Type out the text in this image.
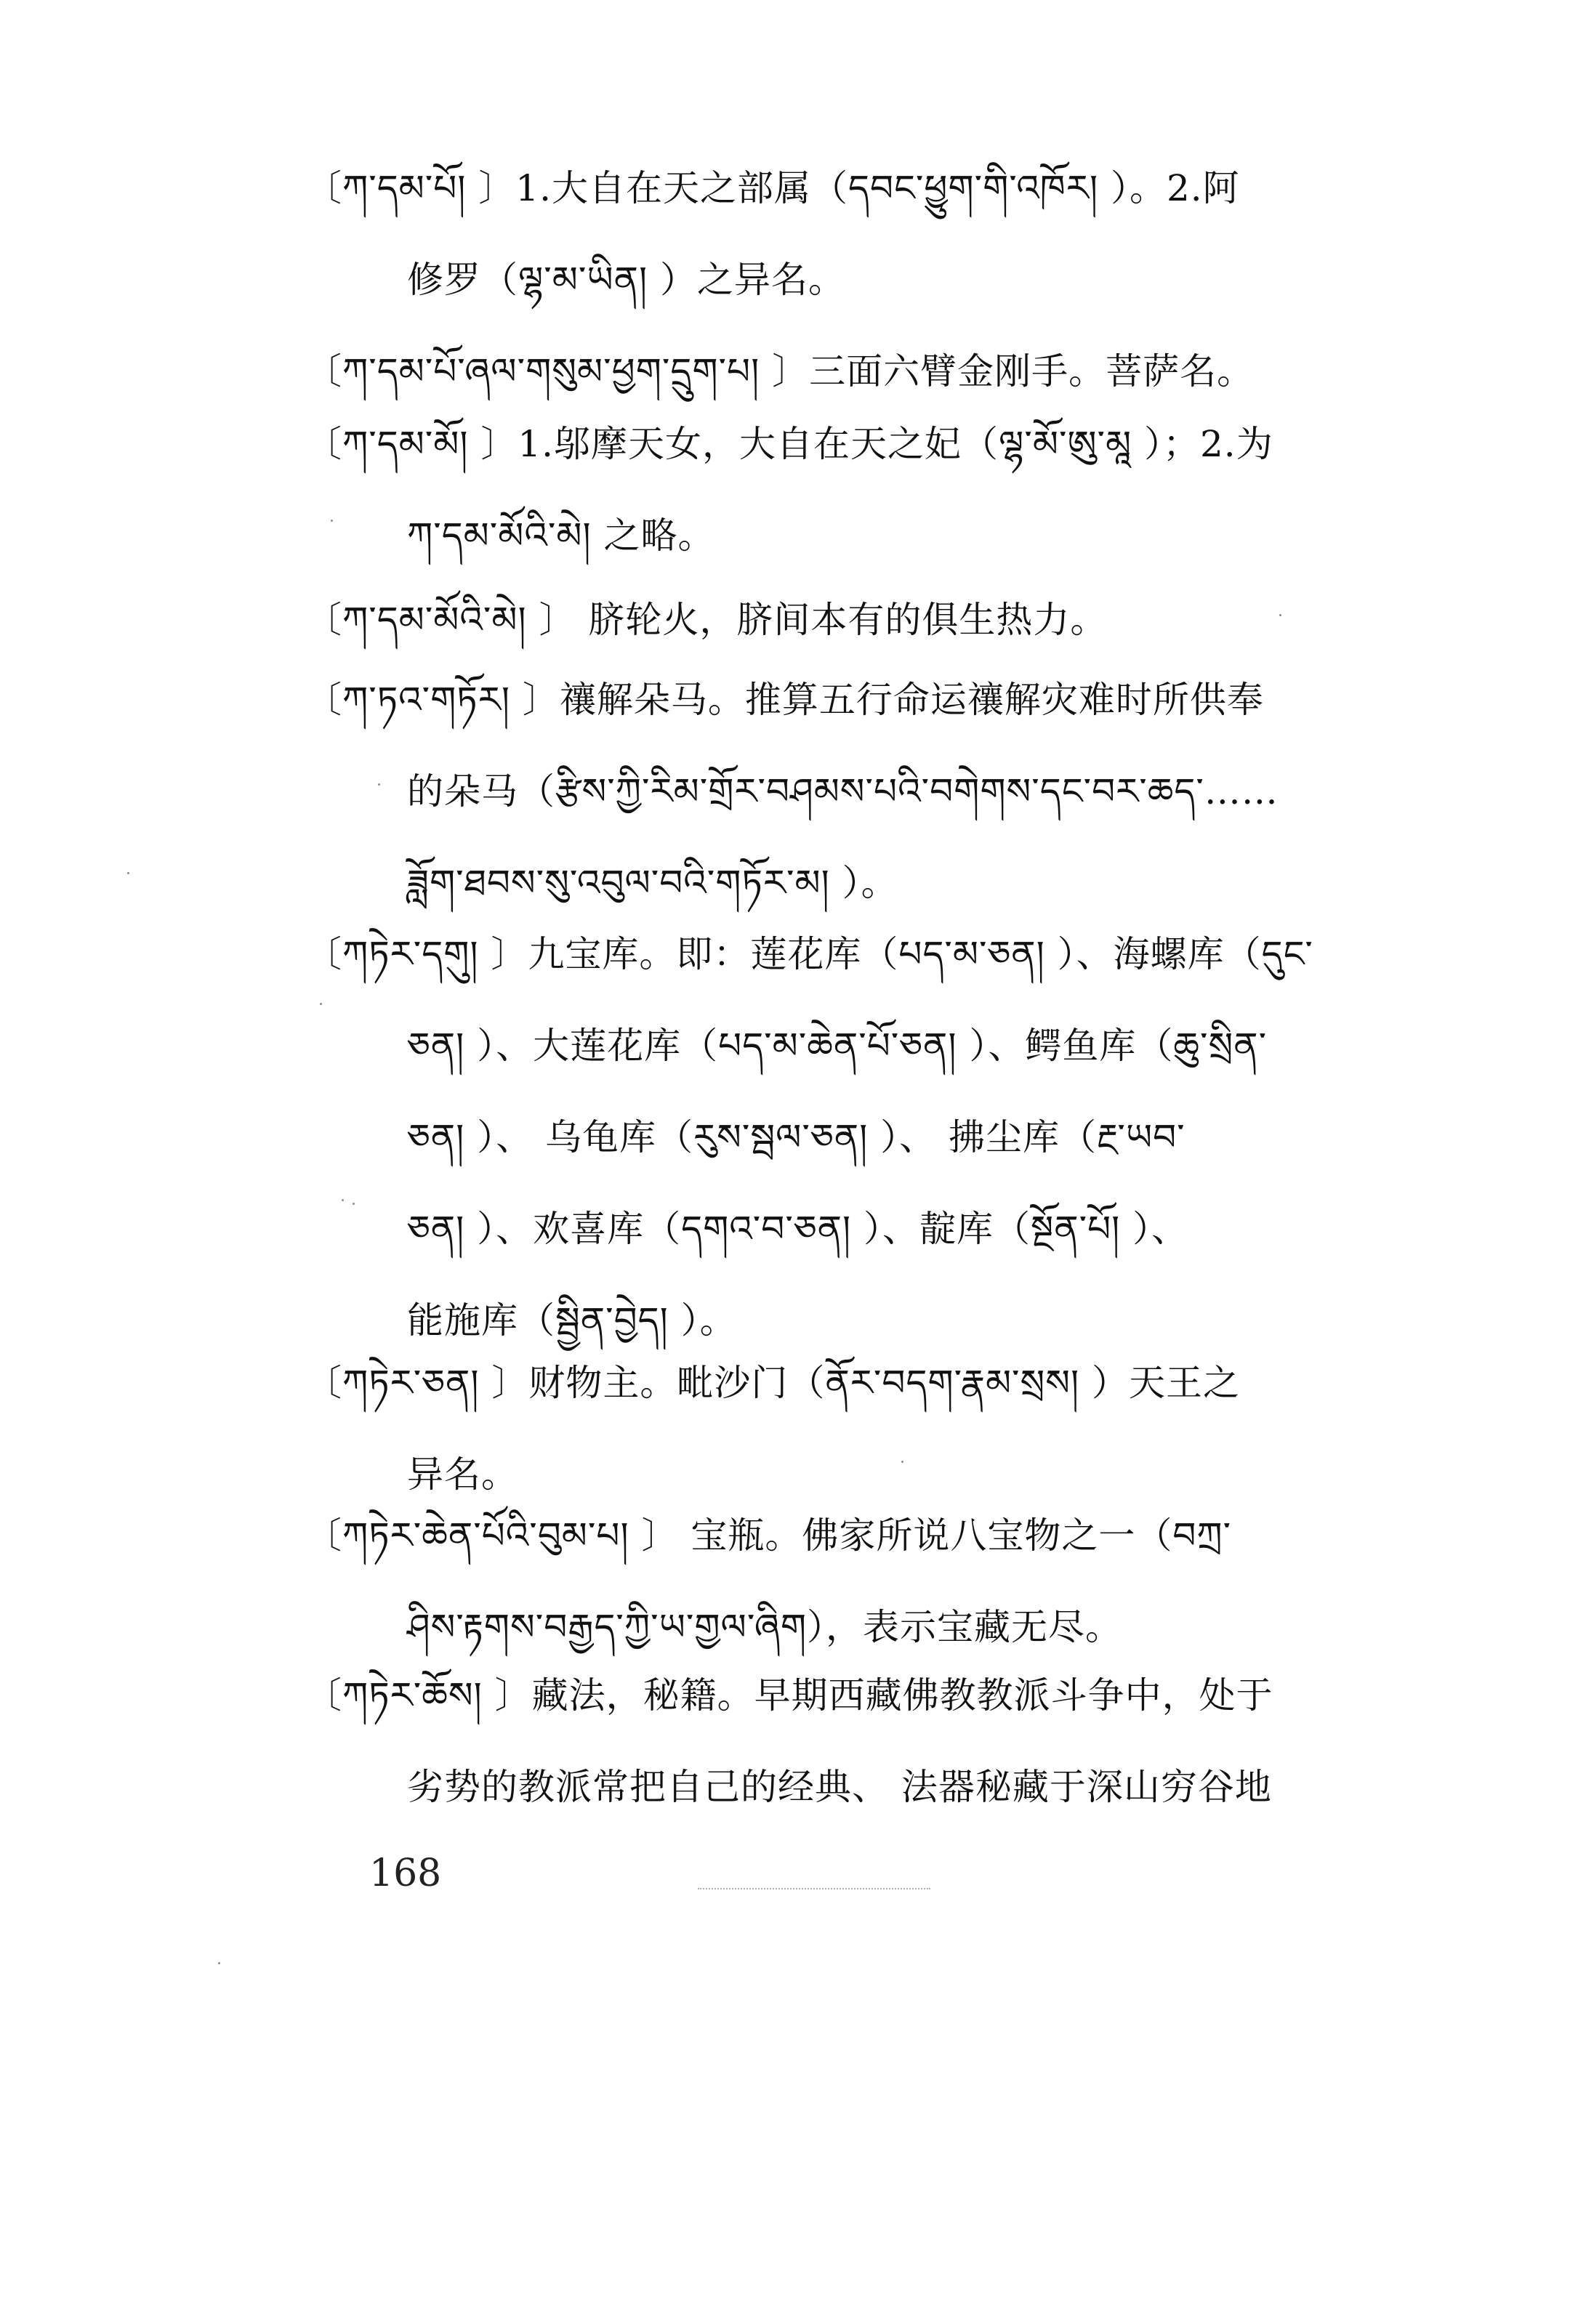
〔ཀ་དམ་པོ། 〕1.大自在天之部属（དབང་ཕྱུག་གི་འཁོར། ）。2.阿
修罗（ལྷ་མ་ཡིན། ）之异名。
〔ཀ་དམ་པོ་ཞལ་གསུམ་ཕྱག་དྲུག་པ། 〕三面六臂金刚手。菩萨名。
〔ཀ་དམ་མོ། 〕1.邬摩天女，大自在天之妃（ལྷ་མོ་ཨུ་མཱ ）；2.为
ཀ་དམ་མོའི་མེ། 之略。
〔ཀ་དམ་མོའི་མེ། 〕 脐轮火，脐间本有的俱生热力。
〔ཀ་ཏའ་གཏོར། 〕禳解朵马。推算五行命运禳解灾难时所供奉
的朵马（རྩིས་ཀྱི་རིམ་གྲོར་བཤམས་པའི་བགེགས་དང་བར་ཆད་……
ཟློག་ཐབས་སུ་འབུལ་བའི་གཏོར་མ། ）。
〔ཀཏེར་དགུ། 〕九宝库。即：莲花库（པད་མ་ཅན། ）、海螺库（དུང་
ཅན། ）、大莲花库（པད་མ་ཆེན་པོ་ཅན། ）、鳄鱼库（ཆུ་སྲིན་
ཅན། ）、 乌龟库（རུས་སྦལ་ཅན། ）、 拂尘库（རྔ་ཡབ་
ཅན། ）、欢喜库（དགའ་བ་ཅན། ）、靛库（སྔོན་པོ། ）、
能施库（སྦྱིན་བྱེད། ）。
〔ཀཏེར་ཅན། 〕财物主。毗沙门（ནོར་བདག་རྣམ་སྲས། ）天王之
异名。
〔ཀཏེར་ཆེན་པོའི་བུམ་པ། 〕 宝瓶。佛家所说八宝物之一（བཀྲ་
ཤིས་རྟགས་བརྒྱད་ཀྱི་ཡ་གྱལ་ཞིག），表示宝藏无尽。
〔ཀཏེར་ཆོས། 〕藏法，秘籍。早期西藏佛教教派斗争中，处于
劣势的教派常把自己的经典、 法器秘藏于深山穷谷地
168
